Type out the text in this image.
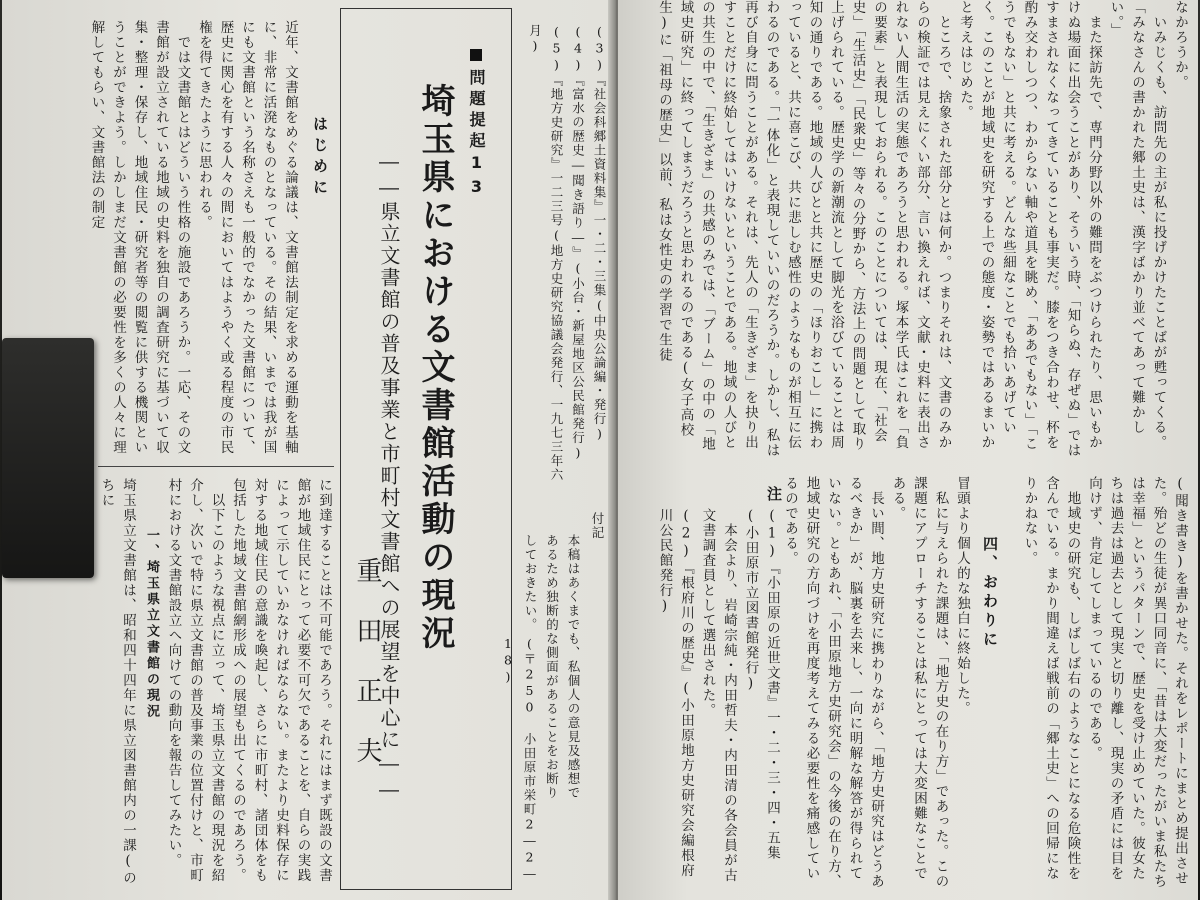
(3)『社会科郷土資料集』一・二・三集(中央公論編・発行)
(4)『富水の歴史―聞き語り―』(小台・新屋地区公民館発行)
(5)『地方史研究』一二三号(地方史研究協議会発行、一九七三年六月)
付記
本稿はあくまでも、私個人の意見及感想であるため独断的な側面があることをお断りしておきたい。
(〒250 小田原市栄町2―2―18)
問題提起13
埼玉県における文書館活動の現況
――県立文書館の普及事業と市町村文書館への展望を中心に――
重田正夫
はじめに
近年、文書館をめぐる論議は、文書館法制定を求める運動を基軸に、非常に活溌なものとなっている。その結果、いまでは我が国にも文書館という名称さえも一般的でなかった文書館について、歴史に関心を有する人々の間においてはようやく或る程度の市民権を得てきたように思われる。
　では文書館とはどういう性格の施設であろうか。一応、その文書館が設立されている地域の史料を独自の調査研究に基づいて収集・整理・保存し、地域住民・研究者等の閲覧に供する機関ということができよう。しかしまだ文書館の必要性を多くの人々に理解してもらい、文書館法の制定
に到達することは不可能であろう。それにはまず既設の文書館が地域住民にとって必要不可欠であることを、自らの実践によって示していかなければならない。またより史料保存に対する地域住民の意識を喚起し、さらに市町村、諸団体をも包括した地域文書館網形成への展望も出てくるのであろう。
　以下このような視点に立って、埼玉県立文書館の現況を紹介し、次いで特に県立文書館の普及事業の位置付けと、市町村における文書館設立へ向けての動向を報告してみたい。
一、埼玉県立文書館の現況
埼玉県立文書館は、昭和四十四年に県立図書館内の一課(のちに
なかろうか。
　いみじくも、訪問先の主が私に投げかけたことばが甦ってくる。「みなさんの書かれた郷土史は、漢字ばかり並べてあって難かしい。」
　また探訪先で、専門分野以外の難問をぶつけられたり、思いもかけぬ場面に出会うことがあり、そういう時、「知らぬ、存ぜぬ」ではすまされなくなってきていることも事実だ。膝をつき合わせ、杯を酌み交わしつつ、わからない軸や道具を眺め、「ああでもない」「こうでもない」と共に考える。どんな些細なことでも拾いあげていく。このことが地域史を研究する上での態度・姿勢ではあるまいかと考えはじめた。
　ところで、捨象された部分とは何か。つまりそれは、文書のみからの検証では見えにくい部分、言い換えれば、文献・史料に表出されない人間生活の実態であろうと思われる。塚本学氏はこれを「負の要素」と表現しておられる。このことについては、現在、「社会史」「生活史」「民衆史」等々の分野から、方法上の問題として取り上げられている。歴史学の新潮流として脚光を浴びていることは周知の通りである。地域の人びとと共に歴史の「ほりおこし」に携わっていると、共に喜こび、共に悲しむ感性のようなものが相互に伝わるのである。「一体化」と表現していいのだろうか。しかし、私は再び自身に問うことがある。それは、先人の「生きざま」を抉り出すことだけに終始してはいけないということである。地域の人びとの共生の中で、「生きざま」の共感のみでは、「ブーム」の中の「地域史研究」に終ってしまうだろうと思われるのである(女子高校生)に「祖母の歴史」以前、私は女性史の学習で生徒
(聞き書き)を書かせた。それをレポートにまとめ提出させた。殆どの生徒が異口同音に、「昔は大変だったがいま私たちは幸福」というパターンで、歴史を受け止めていた。彼女たちは過去は過去として現実と切り離し、現実の矛盾には目を向けず、肯定してしまっているのである。
　地域史の研究も、しばしば右のようなことになる危険性を含んでいる。まかり間違えば戦前の「郷土史」への回帰になりかねない。
四、おわりに
冒頭より個人的な独白に終始した。
　私に与えられた課題は、「地方史の在り方」であった。この課題にアプローチすることは私にとっては大変困難なことである。
　長い間、地方史研究に携わりながら、「地方史研究はどうあるべきか」が、脳裏を去来し、一向に明解な解答が得られていない。ともあれ、「小田原地方史研究会」の今後の在り方、地域史研究の方向づけを再度考えてみる必要性を痛感しているのである。
注
(1)『小田原の近世文書』一・二・三・四・五集(小田原市立図書館発行)
　本会より、岩崎宗純・内田哲夫・内田清の各会員が古文書調査員として選出された。
(2)『根府川の歴史』(小田原地方史研究会編根府川公民館発行)
